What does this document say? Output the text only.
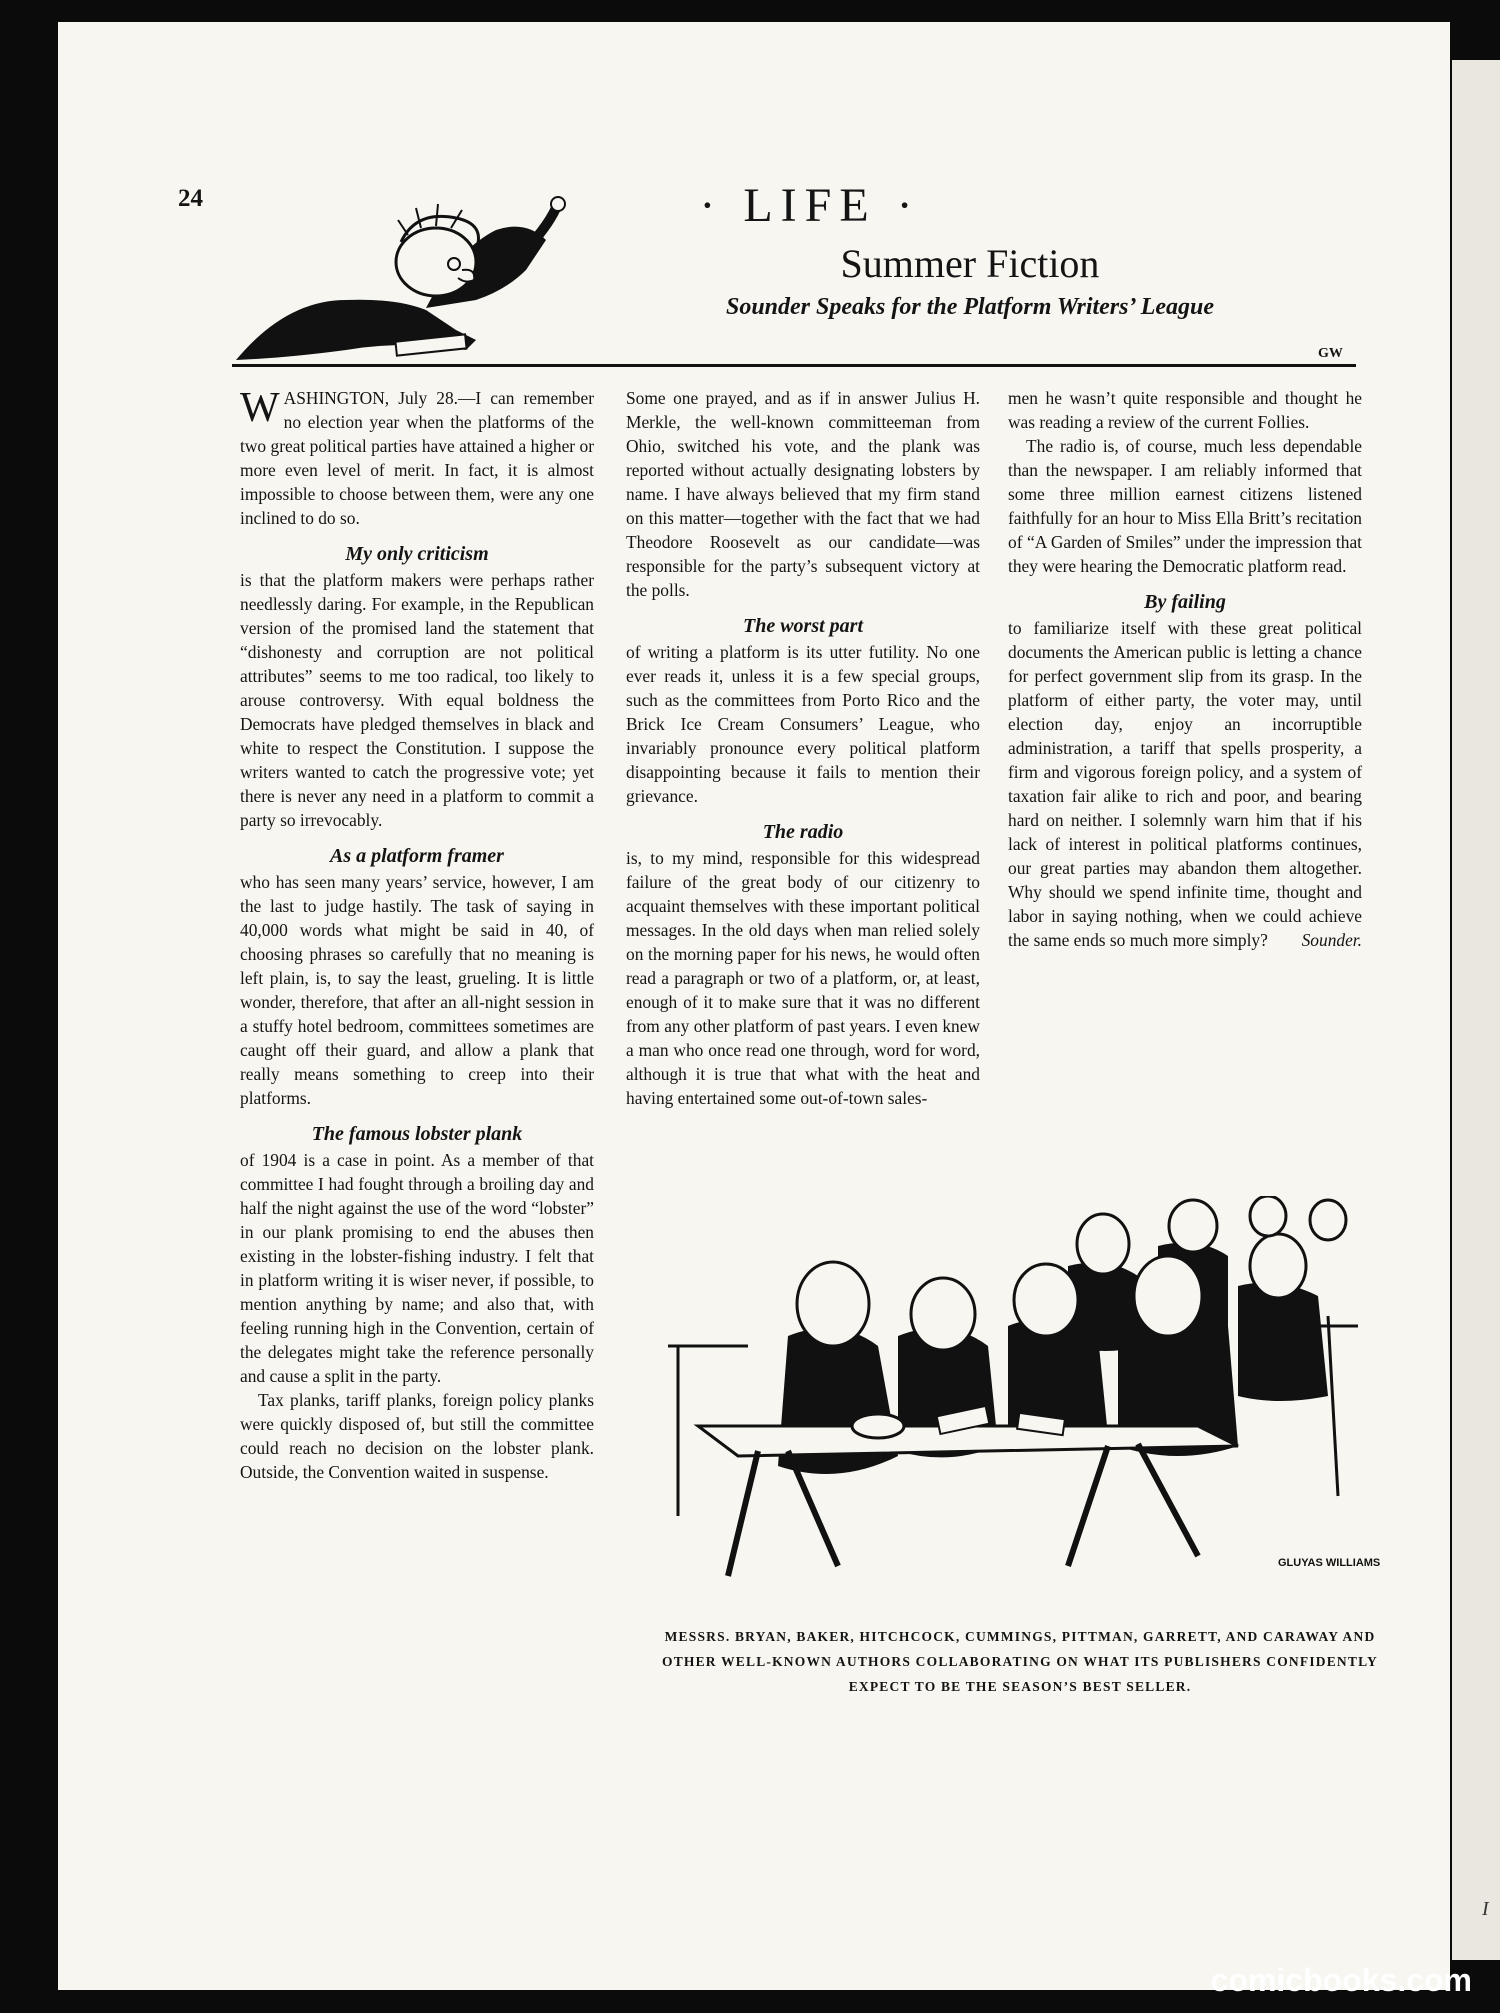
I
24	· LIFE ·
Summer Fiction
Sounder Speaks for the Platform Writers’ League
GW

WASHINGTON, July 28.—I can remember no election year when the platforms of the two great political parties have attained a higher or more even level of merit. In fact, it is almost impossible to choose between them, were any one inclined to do so.

My only criticism

is that the platform makers were perhaps rather needlessly daring. For example, in the Republican version of the promised land the statement that “dishonesty and corruption are not political attributes” seems to me too radical, too likely to arouse controversy. With equal boldness the Democrats have pledged themselves in black and white to respect the Constitution. I suppose the writers wanted to catch the progressive vote; yet there is never any need in a platform to commit a party so irrevocably.

As a platform framer

who has seen many years’ service, however, I am the last to judge hastily. The task of saying in 40,000 words what might be said in 40, of choosing phrases so carefully that no meaning is left plain, is, to say the least, grueling. It is little wonder, therefore, that after an all-night session in a stuffy hotel bedroom, committees sometimes are caught off their guard, and allow a plank that really means something to creep into their platforms.

The famous lobster plank

of 1904 is a case in point. As a member of that committee I had fought through a broiling day and half the night against the use of the word “lobster” in our plank promising to end the abuses then existing in the lobster-fishing industry. I felt that in platform writing it is wiser never, if possible, to mention anything by name; and also that, with feeling running high in the Convention, certain of the delegates might take the reference personally and cause a split in the party.

Tax planks, tariff planks, foreign policy planks were quickly disposed of, but still the committee could reach no decision on the lobster plank. Outside, the Convention waited in suspense.

Some one prayed, and as if in answer Julius H. Merkle, the well-known committeeman from Ohio, switched his vote, and the plank was reported without actually designating lobsters by name. I have always believed that my firm stand on this matter—together with the fact that we had Theodore Roosevelt as our candidate—was responsible for the party’s subsequent victory at the polls.

The worst part

of writing a platform is its utter futility. No one ever reads it, unless it is a few special groups, such as the committees from Porto Rico and the Brick Ice Cream Consumers’ League, who invariably pronounce every political platform disappointing because it fails to mention their grievance.

The radio

is, to my mind, responsible for this widespread failure of the great body of our citizenry to acquaint themselves with these important political messages. In the old days when man relied solely on the morning paper for his news, he would often read a paragraph or two of a platform, or, at least, enough of it to make sure that it was no different from any other platform of past years. I even knew a man who once read one through, word for word, although it is true that what with the heat and having entertained some out-of-town sales-

men he wasn’t quite responsible and thought he was reading a review of the current Follies.

The radio is, of course, much less dependable than the newspaper. I am reliably informed that some three million earnest citizens listened faithfully for an hour to Miss Ella Britt’s recitation of “A Garden of Smiles” under the impression that they were hearing the Democratic platform read.

By failing

to familiarize itself with these great political documents the American public is letting a chance for perfect government slip from its grasp. In the platform of either party, the voter may, until election day, enjoy an incorruptible administration, a tariff that spells prosperity, a firm and vigorous foreign policy, and a system of taxation fair alike to rich and poor, and bearing hard on neither. I solemnly warn him that if his lack of interest in political platforms continues, our great parties may abandon them altogether. Why should we spend infinite time, thought and labor in saying nothing, when we could achieve the same ends so much more simply? Sounder.

GLUYAS WILLIAMS
MESSRS. BRYAN, BAKER, HITCHCOCK, CUMMINGS, PITTMAN, GARRETT, AND CARAWAY AND OTHER WELL-KNOWN AUTHORS COLLABORATING ON WHAT ITS PUBLISHERS CONFIDENTLY EXPECT TO BE THE SEASON’S BEST SELLER.
comicbooks.com
